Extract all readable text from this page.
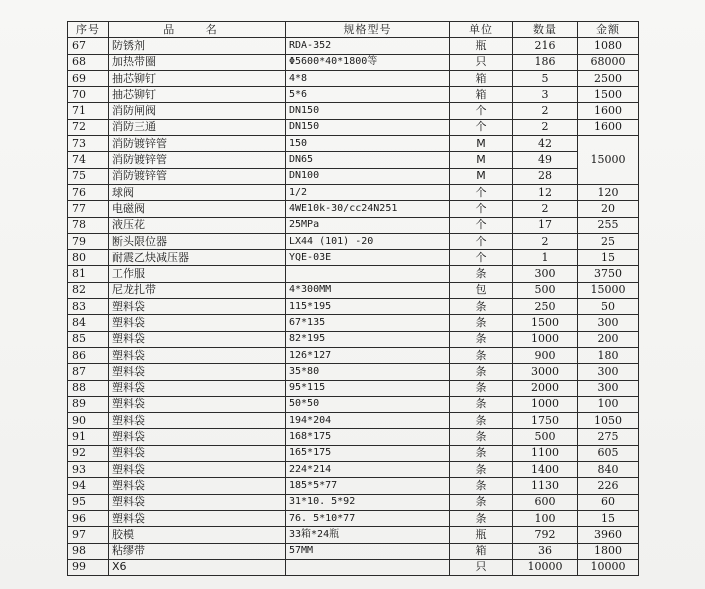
序号	品 名	规格型号	单位	数量	金额
67	防锈剂	RDA-352	瓶	216	1080
68	加热带圈	Φ5600*40*1800等	只	186	68000
69	抽芯铆钉	4*8	箱	5	2500
70	抽芯铆钉	5*6	箱	3	1500
71	消防闸阀	DN150	个	2	1600
72	消防三通	DN150	个	2	1600
73	消防镀锌管	150	M	42	15000
74	消防镀锌管	DN65	M	49	
75	消防镀锌管	DN100	M	28	
76	球阀	1/2	个	12	120
77	电磁阀	4WE10k-30/cc24N251	个	2	20
78	液压花	25MPa	个	17	255
79	断头限位器	LX44 (101) -20	个	2	25
80	耐震乙炔减压器	YQE-03E	个	1	15
81	工作服		条	300	3750
82	尼龙扎带	4*300MM	包	500	15000
83	塑料袋	115*195	条	250	50
84	塑料袋	67*135	条	1500	300
85	塑料袋	82*195	条	1000	200
86	塑料袋	126*127	条	900	180
87	塑料袋	35*80	条	3000	300
88	塑料袋	95*115	条	2000	300
89	塑料袋	50*50	条	1000	100
90	塑料袋	194*204	条	1750	1050
91	塑料袋	168*175	条	500	275
92	塑料袋	165*175	条	1100	605
93	塑料袋	224*214	条	1400	840
94	塑料袋	185*5*77	条	1130	226
95	塑料袋	31*10. 5*92	条	600	60
96	塑料袋	76. 5*10*77	条	100	15
97	胶模	33箱*24瓶	瓶	792	3960
98	粘缪带	57MM	箱	36	1800
99	X6		只	10000	10000
